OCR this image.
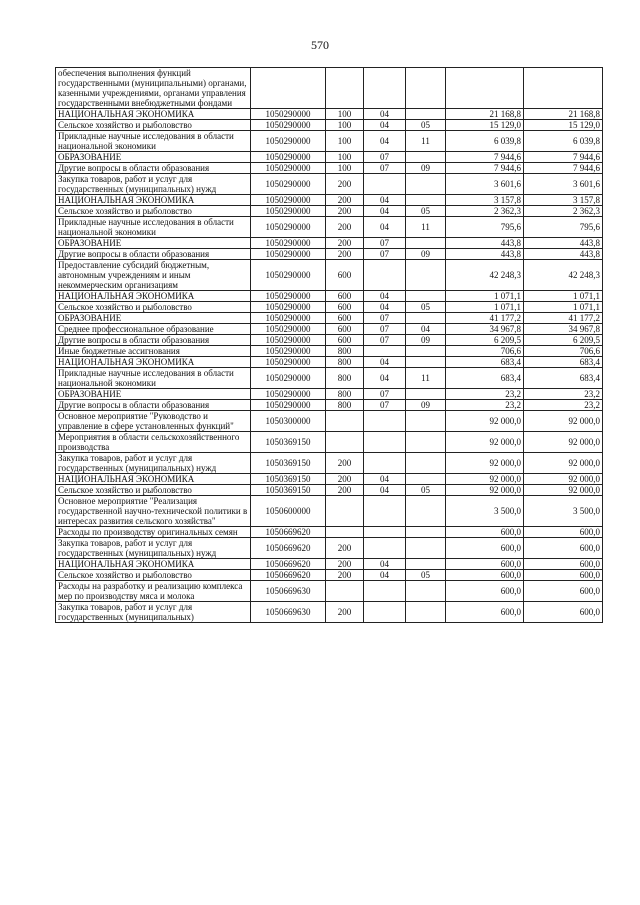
570
обеспечения выполнения функций государственными (муниципальными) органами, казенными учреждениями, органами управления государственными внебюджетными фондами						
НАЦИОНАЛЬНАЯ ЭКОНОМИКА	1050290000	100	04		21 168,8	21 168,8
Сельское хозяйство и рыболовство	1050290000	100	04	05	15 129,0	15 129,0
Прикладные научные исследования в области национальной экономики	1050290000	100	04	11	6 039,8	6 039,8
ОБРАЗОВАНИЕ	1050290000	100	07		7 944,6	7 944,6
Другие вопросы в области образования	1050290000	100	07	09	7 944,6	7 944,6
Закупка товаров, работ и услуг для государственных (муниципальных) нужд	1050290000	200			3 601,6	3 601,6
НАЦИОНАЛЬНАЯ ЭКОНОМИКА	1050290000	200	04		3 157,8	3 157,8
Сельское хозяйство и рыболовство	1050290000	200	04	05	2 362,3	2 362,3
Прикладные научные исследования в области национальной экономики	1050290000	200	04	11	795,6	795,6
ОБРАЗОВАНИЕ	1050290000	200	07		443,8	443,8
Другие вопросы в области образования	1050290000	200	07	09	443,8	443,8
Предоставление субсидий бюджетным, автономным учреждениям и иным некоммерческим организациям	1050290000	600			42 248,3	42 248,3
НАЦИОНАЛЬНАЯ ЭКОНОМИКА	1050290000	600	04		1 071,1	1 071,1
Сельское хозяйство и рыболовство	1050290000	600	04	05	1 071,1	1 071,1
ОБРАЗОВАНИЕ	1050290000	600	07		41 177,2	41 177,2
Среднее профессиональное образование	1050290000	600	07	04	34 967,8	34 967,8
Другие вопросы в области образования	1050290000	600	07	09	6 209,5	6 209,5
Иные бюджетные ассигнования	1050290000	800			706,6	706,6
НАЦИОНАЛЬНАЯ ЭКОНОМИКА	1050290000	800	04		683,4	683,4
Прикладные научные исследования в области национальной экономики	1050290000	800	04	11	683,4	683,4
ОБРАЗОВАНИЕ	1050290000	800	07		23,2	23,2
Другие вопросы в области образования	1050290000	800	07	09	23,2	23,2
Основное мероприятие "Руководство и управление в сфере установленных функций"	1050300000				92 000,0	92 000,0
Мероприятия в области сельскохозяйственного производства	1050369150				92 000,0	92 000,0
Закупка товаров, работ и услуг для государственных (муниципальных) нужд	1050369150	200			92 000,0	92 000,0
НАЦИОНАЛЬНАЯ ЭКОНОМИКА	1050369150	200	04		92 000,0	92 000,0
Сельское хозяйство и рыболовство	1050369150	200	04	05	92 000,0	92 000,0
Основное мероприятие "Реализация государственной научно-технической политики в интересах развития сельского хозяйства"	1050600000				3 500,0	3 500,0
Расходы по производству оригинальных семян	1050669620				600,0	600,0
Закупка товаров, работ и услуг для государственных (муниципальных) нужд	1050669620	200			600,0	600,0
НАЦИОНАЛЬНАЯ ЭКОНОМИКА	1050669620	200	04		600,0	600,0
Сельское хозяйство и рыболовство	1050669620	200	04	05	600,0	600,0
Расходы на разработку и реализацию комплекса мер по производству мяса и молока	1050669630				600,0	600,0
Закупка товаров, работ и услуг для государственных (муниципальных)	1050669630	200			600,0	600,0
